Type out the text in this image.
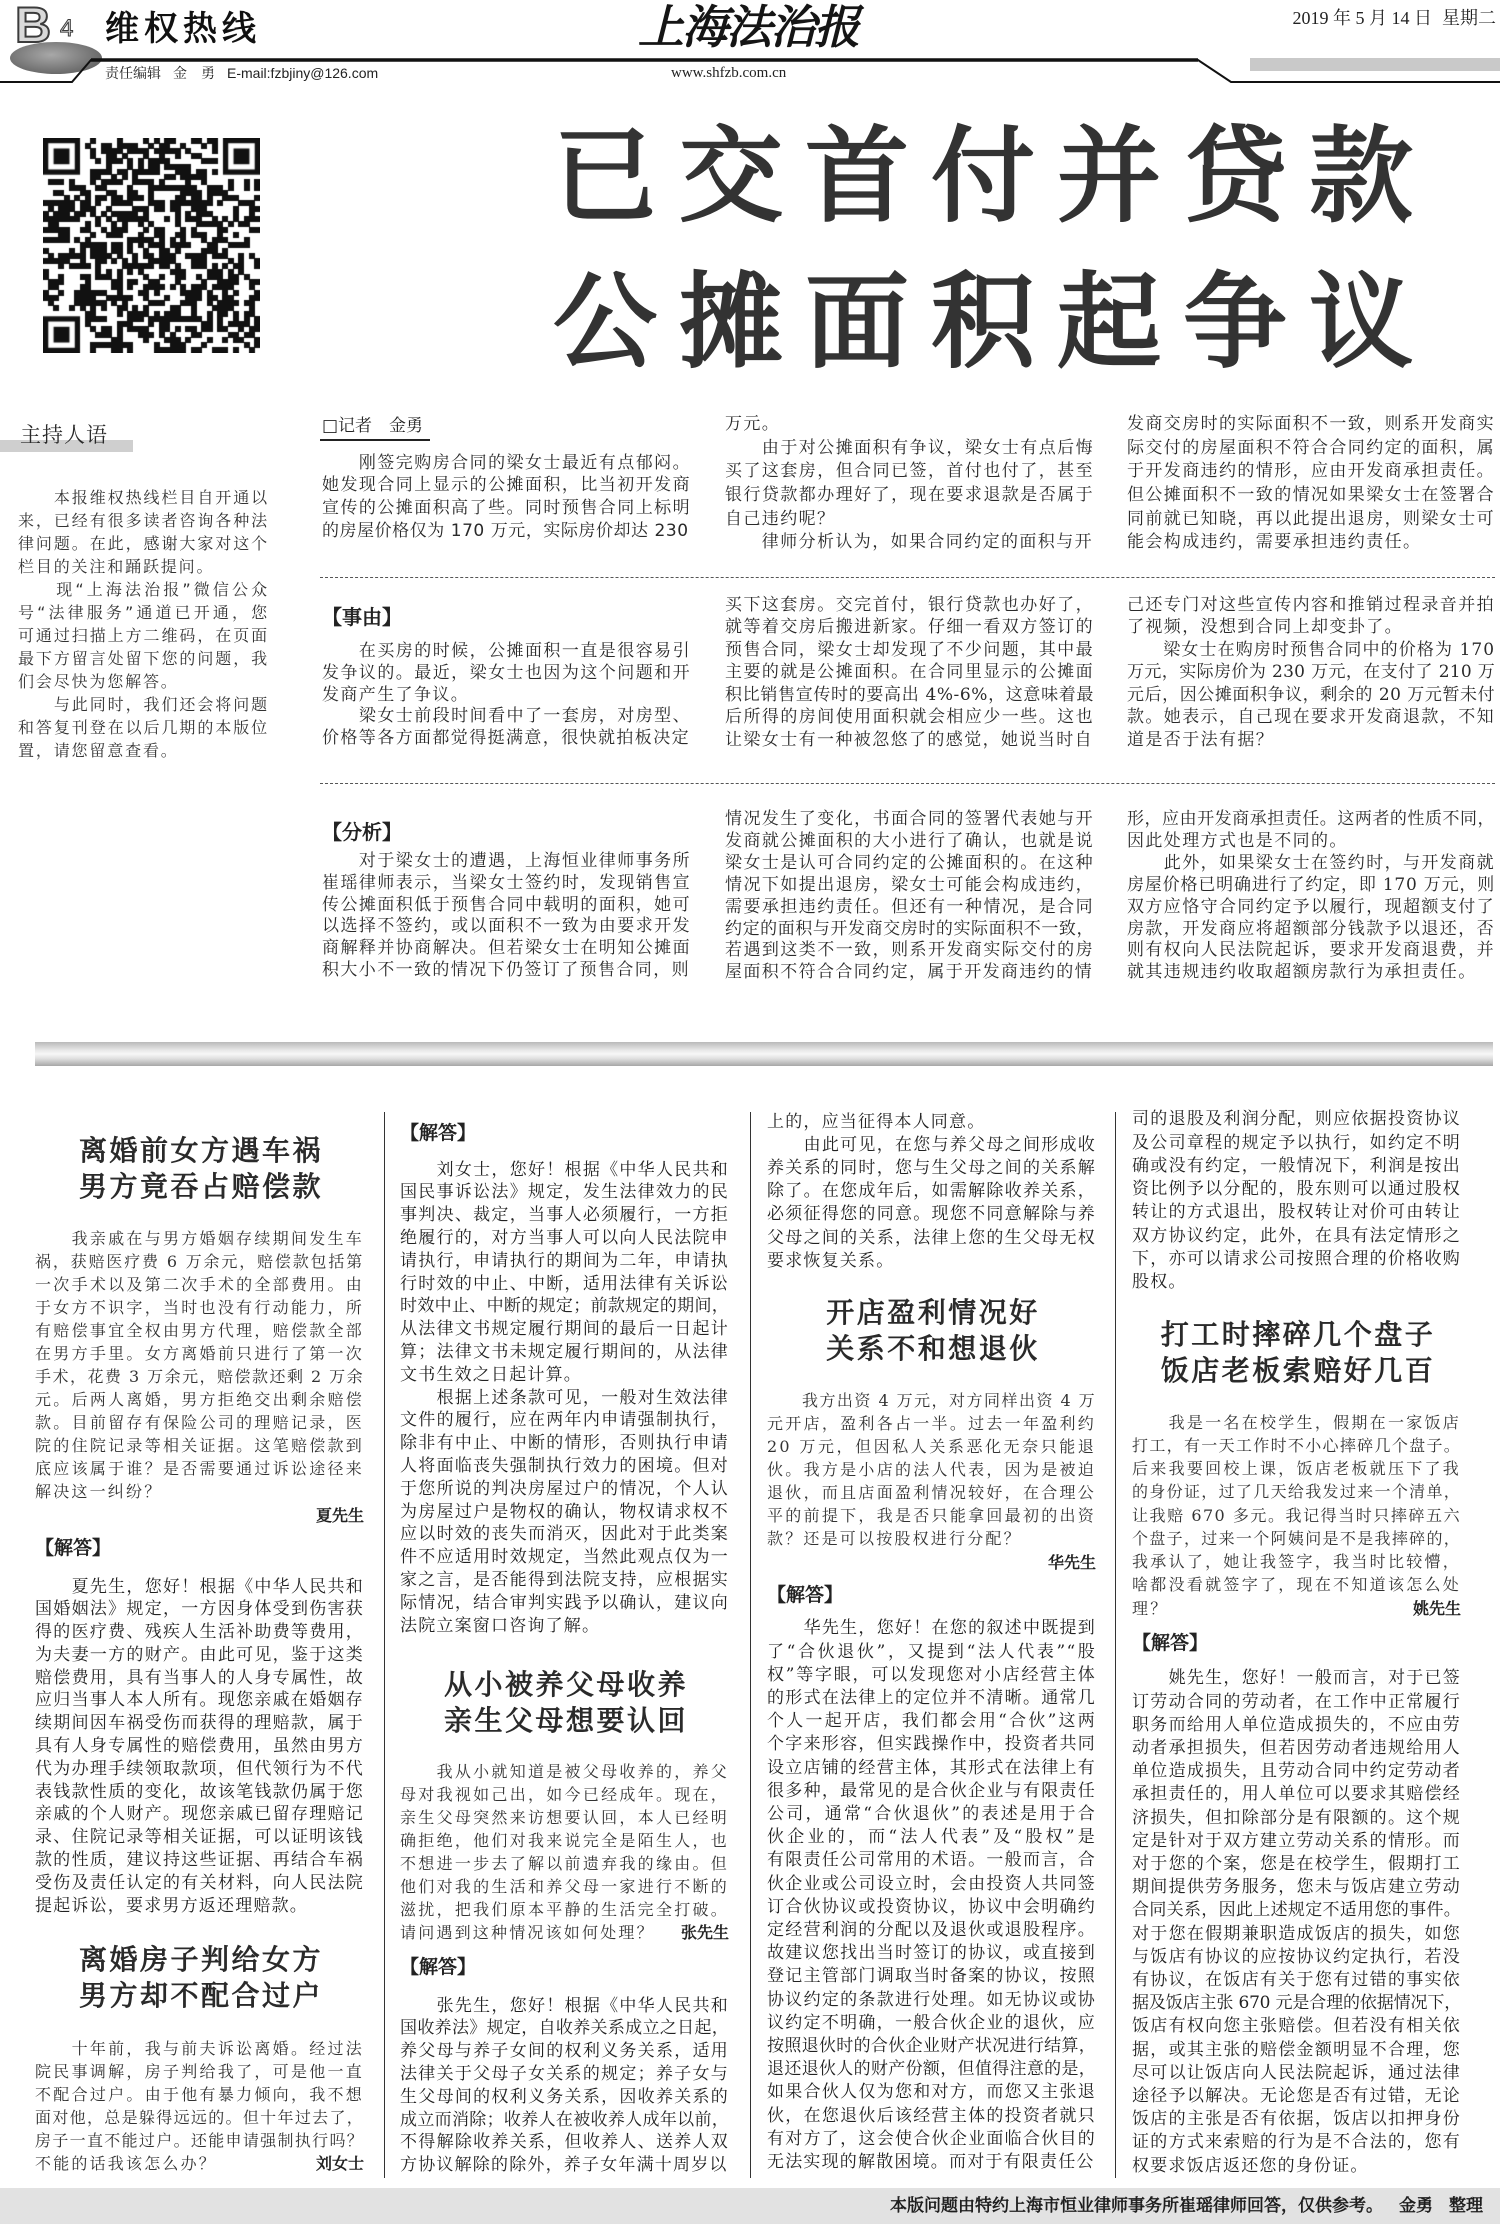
B 4 维权热线	上海法治报	2019 年 5 月 14 日 星期二
责任编辑 金　勇 E-mail:fzbjiny@126.com	www.shfzb.com.cn
已交首付并贷款
公摊面积起争议
主持人语
　　本报维权热线栏目自开通以
来，已经有很多读者咨询各种法
律问题。在此，感谢大家对这个
栏目的关注和踊跃提问。
　　现“上海法治报”微信公众
号“法律服务”通道已开通，您
可通过扫描上方二维码，在页面
最下方留言处留下您的问题，我
们会尽快为您解答。
　　与此同时，我们还会将问题
和答复刊登在以后几期的本版位
置，请您留意查看。
□记者　金勇
　　刚签完购房合同的梁女士最近有点郁闷。
她发现合同上显示的公摊面积，比当初开发商
宣传的公摊面积高了些。同时预售合同上标明
的房屋价格仅为 170 万元，实际房价却达 230
万元。
　　由于对公摊面积有争议，梁女士有点后悔
买了这套房，但合同已签，首付也付了，甚至
银行贷款都办理好了，现在要求退款是否属于
自己违约呢？
　　律师分析认为，如果合同约定的面积与开
发商交房时的实际面积不一致，则系开发商实
际交付的房屋面积不符合合同约定的面积，属
于开发商违约的情形，应由开发商承担责任。
但公摊面积不一致的情况如果梁女士在签署合
同前就已知晓，再以此提出退房，则梁女士可
能会构成违约，需要承担违约责任。
【事由】
　　在买房的时候，公摊面积一直是很容易引
发争议的。最近，梁女士也因为这个问题和开
发商产生了争议。
　　梁女士前段时间看中了一套房，对房型、
价格等各方面都觉得挺满意，很快就拍板决定
买下这套房。交完首付，银行贷款也办好了，
就等着交房后搬进新家。仔细一看双方签订的
预售合同，梁女士却发现了不少问题，其中最
主要的就是公摊面积。在合同里显示的公摊面
积比销售宣传时的要高出 4%-6%，这意味着最
后所得的房间使用面积就会相应少一些。这也
让梁女士有一种被忽悠了的感觉，她说当时自
己还专门对这些宣传内容和推销过程录音并拍
了视频，没想到合同上却变卦了。
　　梁女士在购房时预售合同中的价格为 170
万元，实际房价为 230 万元，在支付了 210 万
元后，因公摊面积争议，剩余的 20 万元暂未付
款。她表示，自己现在要求开发商退款，不知
道是否于法有据？
【分析】
　　对于梁女士的遭遇，上海恒业律师事务所
崔瑶律师表示，当梁女士签约时，发现销售宣
传公摊面积低于预售合同中载明的面积，她可
以选择不签约，或以面积不一致为由要求开发
商解释并协商解决。但若梁女士在明知公摊面
积大小不一致的情况下仍签订了预售合同，则
情况发生了变化，书面合同的签署代表她与开
发商就公摊面积的大小进行了确认，也就是说
梁女士是认可合同约定的公摊面积的。在这种
情况下如提出退房，梁女士可能会构成违约，
需要承担违约责任。但还有一种情况，是合同
约定的面积与开发商交房时的实际面积不一致，
若遇到这类不一致，则系开发商实际交付的房
屋面积不符合合同约定，属于开发商违约的情
形，应由开发商承担责任。这两者的性质不同，
因此处理方式也是不同的。
　　此外，如果梁女士在签约时，与开发商就
房屋价格已明确进行了约定，即 170 万元，则
双方应恪守合同约定予以履行，现超额支付了
房款，开发商应将超额部分钱款予以退还，否
则有权向人民法院起诉，要求开发商退费，并
就其违规违约收取超额房款行为承担责任。
离婚前女方遇车祸
男方竟吞占赔偿款
　　我亲戚在与男方婚姻存续期间发生车
祸，获赔医疗费 6 万余元，赔偿款包括第
一次手术以及第二次手术的全部费用。由
于女方不识字，当时也没有行动能力，所
有赔偿事宜全权由男方代理，赔偿款全部
在男方手里。女方离婚前只进行了第一次
手术，花费 3 万余元，赔偿款还剩 2 万余
元。后两人离婚，男方拒绝交出剩余赔偿
款。目前留存有保险公司的理赔记录，医
院的住院记录等相关证据。这笔赔偿款到
底应该属于谁？是否需要通过诉讼途径来
解决这一纠纷？
夏先生
【解答】
　　夏先生，您好！根据《中华人民共和
国婚姻法》规定，一方因身体受到伤害获
得的医疗费、残疾人生活补助费等费用，
为夫妻一方的财产。由此可见，鉴于这类
赔偿费用，具有当事人的人身专属性，故
应归当事人本人所有。现您亲戚在婚姻存
续期间因车祸受伤而获得的理赔款，属于
具有人身专属性的赔偿费用，虽然由男方
代为办理手续领取款项，但代领行为不代
表钱款性质的变化，故该笔钱款仍属于您
亲戚的个人财产。现您亲戚已留存理赔记
录、住院记录等相关证据，可以证明该钱
款的性质，建议持这些证据、再结合车祸
受伤及责任认定的有关材料，向人民法院
提起诉讼，要求男方返还理赔款。
离婚房子判给女方
男方却不配合过户
　　十年前，我与前夫诉讼离婚。经过法
院民事调解，房子判给我了，可是他一直
不配合过户。由于他有暴力倾向，我不想
面对他，总是躲得远远的。但十年过去了，
房子一直不能过户。还能申请强制执行吗？
不能的话我该怎么办？	刘女士
【解答】
　　刘女士，您好！根据《中华人民共和
国民事诉讼法》规定，发生法律效力的民
事判决、裁定，当事人必须履行，一方拒
绝履行的，对方当事人可以向人民法院申
请执行，申请执行的期间为二年，申请执
行时效的中止、中断，适用法律有关诉讼
时效中止、中断的规定；前款规定的期间，
从法律文书规定履行期间的最后一日起计
算；法律文书未规定履行期间的，从法律
文书生效之日起计算。
　　根据上述条款可见，一般对生效法律
文件的履行，应在两年内申请强制执行，
除非有中止、中断的情形，否则执行申请
人将面临丧失强制执行效力的困境。但对
于您所说的判决房屋过户的情况，个人认
为房屋过户是物权的确认，物权请求权不
应以时效的丧失而消灭，因此对于此类案
件不应适用时效规定，当然此观点仅为一
家之言，是否能得到法院支持，应根据实
际情况，结合审判实践予以确认，建议向
法院立案窗口咨询了解。
从小被养父母收养
亲生父母想要认回
　　我从小就知道是被父母收养的，养父
母对我视如己出，如今已经成年。现在，
亲生父母突然来访想要认回，本人已经明
确拒绝，他们对我来说完全是陌生人，也
不想进一步去了解以前遗弃我的缘由。但
他们对我的生活和养父母一家进行不断的
滋扰，把我们原本平静的生活完全打破。
请问遇到这种情况该如何处理？	张先生
【解答】
　　张先生，您好！根据《中华人民共和
国收养法》规定，自收养关系成立之日起，
养父母与养子女间的权利义务关系，适用
法律关于父母子女关系的规定；养子女与
生父母间的权利义务关系，因收养关系的
成立而消除；收养人在被收养人成年以前，
不得解除收养关系，但收养人、送养人双
方协议解除的除外，养子女年满十周岁以
上的，应当征得本人同意。
　　由此可见，在您与养父母之间形成收
养关系的同时，您与生父母之间的关系解
除了。在您成年后，如需解除收养关系，
必须征得您的同意。现您不同意解除与养
父母之间的关系，法律上您的生父母无权
要求恢复关系。
开店盈利情况好
关系不和想退伙
　　我方出资 4 万元，对方同样出资 4 万
元开店，盈利各占一半。过去一年盈利约
20 万元，但因私人关系恶化无奈只能退
伙。我方是小店的法人代表，因为是被迫
退伙，而且店面盈利情况较好，在合理公
平的前提下，我是否只能拿回最初的出资
款？还是可以按股权进行分配？
华先生
【解答】
　　华先生，您好！在您的叙述中既提到
了“合伙退伙”，又提到“法人代表”“股
权”等字眼，可以发现您对小店经营主体
的形式在法律上的定位并不清晰。通常几
个人一起开店，我们都会用“合伙”这两
个字来形容，但实践操作中，投资者共同
设立店铺的经营主体，其形式在法律上有
很多种，最常见的是合伙企业与有限责任
公司，通常“合伙退伙”的表述是用于合
伙企业的，而“法人代表”及“股权”是
有限责任公司常用的术语。一般而言，合
伙企业或公司设立时，会由投资人共同签
订合伙协议或投资协议，协议中会明确约
定经营利润的分配以及退伙或退股程序。
故建议您找出当时签订的协议，或直接到
登记主管部门调取当时备案的协议，按照
协议约定的条款进行处理。如无协议或协
议约定不明确，一般合伙企业的退伙，应
按照退伙时的合伙企业财产状况进行结算，
退还退伙人的财产份额，但值得注意的是，
如果合伙人仅为您和对方，而您又主张退
伙，在您退伙后该经营主体的投资者就只
有对方了，这会使合伙企业面临合伙目的
无法实现的解散困境。而对于有限责任公
司的退股及利润分配，则应依据投资协议
及公司章程的规定予以执行，如约定不明
确或没有约定，一般情况下，利润是按出
资比例予以分配的，股东则可以通过股权
转让的方式退出，股权转让对价可由转让
双方协议约定，此外，在具有法定情形之
下，亦可以请求公司按照合理的价格收购
股权。
打工时摔碎几个盘子
饭店老板索赔好几百
　　我是一名在校学生，假期在一家饭店
打工，有一天工作时不小心摔碎几个盘子。
后来我要回校上课，饭店老板就压下了我
的身份证，过了几天给我发过来一个清单，
让我赔 670 多元。我记得当时只摔碎五六
个盘子，过来一个阿姨问是不是我摔碎的，
我承认了，她让我签字，我当时比较懵，
啥都没看就签字了，现在不知道该怎么处
理？	姚先生
【解答】
　　姚先生，您好！一般而言，对于已签
订劳动合同的劳动者，在工作中正常履行
职务而给用人单位造成损失的，不应由劳
动者承担损失，但若因劳动者违规给用人
单位造成损失，且劳动合同中约定劳动者
承担责任的，用人单位可以要求其赔偿经
济损失，但扣除部分是有限额的。这个规
定是针对于双方建立劳动关系的情形。而
对于您的个案，您是在校学生，假期打工
期间提供劳务服务，您未与饭店建立劳动
合同关系，因此上述规定不适用您的事件。
对于您在假期兼职造成饭店的损失，如您
与饭店有协议的应按协议约定执行，若没
有协议，在饭店有关于您有过错的事实依
据及饭店主张 670 元是合理的依据情况下，
饭店有权向您主张赔偿。但若没有相关依
据，或其主张的赔偿金额明显不合理，您
尽可以让饭店向人民法院起诉，通过法律
途径予以解决。无论您是否有过错，无论
饭店的主张是否有依据，饭店以扣押身份
证的方式来索赔的行为是不合法的，您有
权要求饭店返还您的身份证。
本版问题由特约上海市恒业律师事务所崔瑶律师回答，仅供参考。 金勇 整理
